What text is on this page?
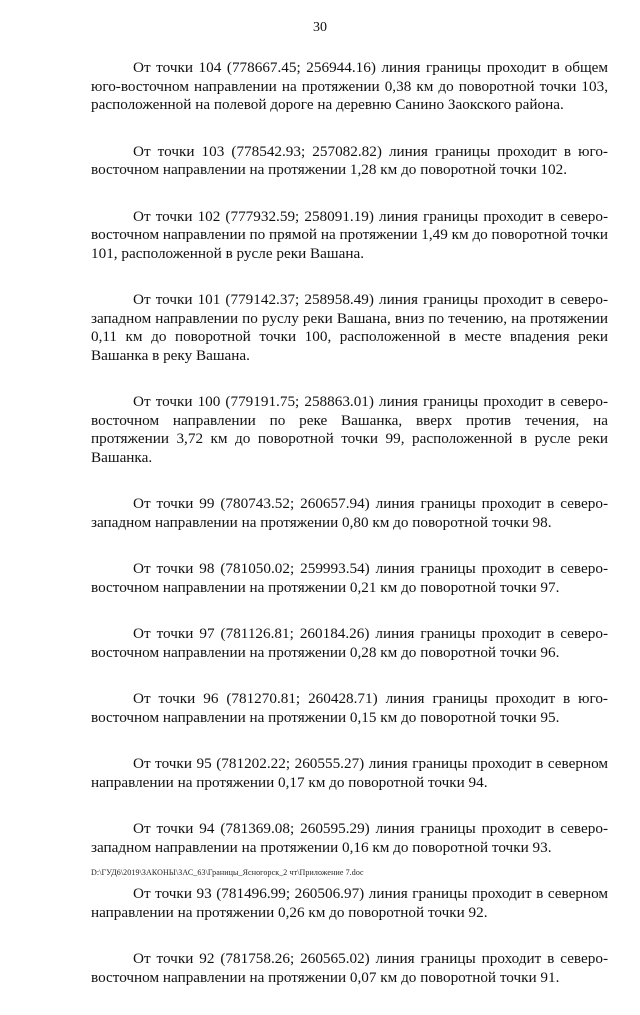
30

От точки 104 (778667.45; 256944.16) линия границы проходит в общем юго-восточном направлении на протяжении 0,38 км до поворотной точки 103, расположенной на полевой дороге на деревню Санино Заокского района.

От точки 103 (778542.93; 257082.82) линия границы проходит в юго-восточном направлении на протяжении 1,28 км до поворотной точки 102.

От точки 102 (777932.59; 258091.19) линия границы проходит в северо-восточном направлении по прямой на протяжении 1,49 км до поворотной точки 101, расположенной в русле реки Вашана.

От точки 101 (779142.37; 258958.49) линия границы проходит в северо-западном направлении по руслу реки Вашана, вниз по течению, на протяжении 0,11 км до поворотной точки 100, расположенной в месте впадения реки Вашанка в реку Вашана.

От точки 100 (779191.75; 258863.01) линия границы проходит в северо-восточном направлении по реке Вашанка, вверх против течения, на протяжении 3,72 км до поворотной точки 99, расположенной в русле реки Вашанка.

От точки 99 (780743.52; 260657.94) линия границы проходит в северо-западном направлении на протяжении 0,80 км до поворотной точки 98.

От точки 98 (781050.02; 259993.54) линия границы проходит в северо-восточном направлении на протяжении 0,21 км до поворотной точки 97.

От точки 97 (781126.81; 260184.26) линия границы проходит в северо-восточном направлении на протяжении 0,28 км до поворотной точки 96.

От точки 96 (781270.81; 260428.71) линия границы проходит в юго-восточном направлении на протяжении 0,15 км до поворотной точки 95.

От точки 95 (781202.22; 260555.27) линия границы проходит в северном направлении на протяжении 0,17 км до поворотной точки 94.

От точки 94 (781369.08; 260595.29) линия границы проходит в северо-западном направлении на протяжении 0,16 км до поворотной точки 93.

От точки 93 (781496.99; 260506.97) линия границы проходит в северном направлении на протяжении 0,26 км до поворотной точки 92.

От точки 92 (781758.26; 260565.02) линия границы проходит в северо-восточном направлении на протяжении 0,07 км до поворотной точки 91.

D:\ГУД6\2019\ЗАКОНЫ\ЗАС_63\Границы_Ясногорск_2 чт\Приложение 7.doc
